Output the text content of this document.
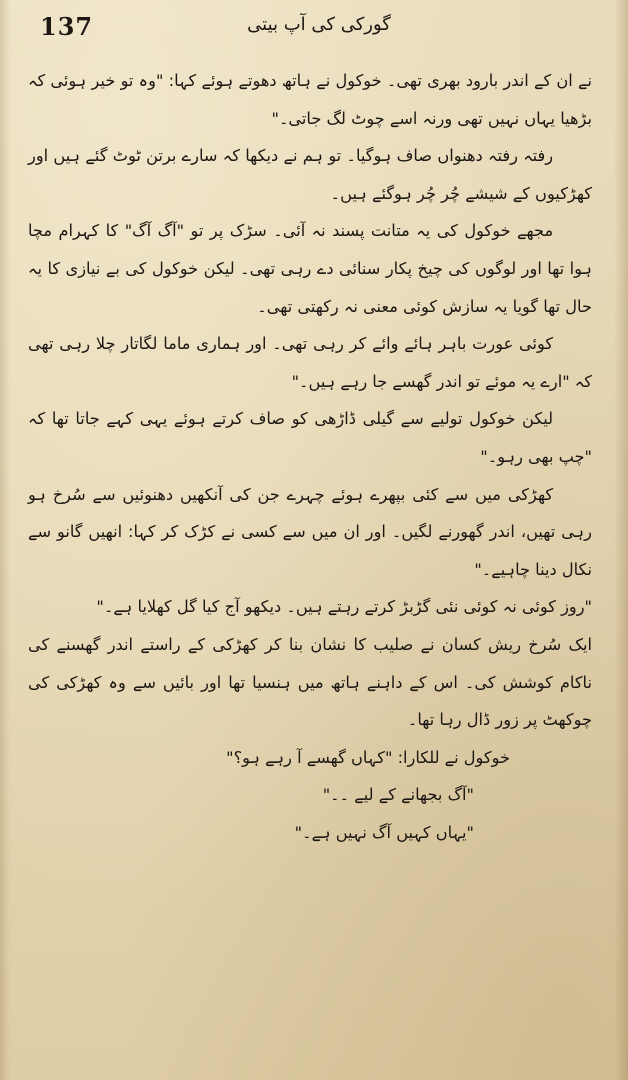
137	گورکی کی آپ بیتی

نے ان کے اندر بارود بھری تھی۔ خوکول نے ہاتھ دھوتے ہوئے کہا: "وہ تو خیر ہوئی کہ بڑھیا یہاں نہیں تھی ورنہ اسے چوٹ لگ جاتی۔"

رفتہ رفتہ دھنواں صاف ہوگیا۔ تو ہم نے دیکھا کہ سارے برتن ٹوٹ گئے ہیں اور کھڑکیوں کے شیشے چُر چُر ہوگئے ہیں۔

مجھے خوکول کی یہ متانت پسند نہ آئی۔ سڑک پر تو "آگ آگ" کا کہرام مچا ہوا تھا اور لوگوں کی چیخ پکار سنائی دے رہی تھی۔ لیکن خوکول کی بے نیازی کا یہ حال تھا گویا یہ سازش کوئی معنی نہ رکھتی تھی۔

کوئی عورت باہر ہائے وائے کر رہی تھی۔ اور ہماری ماما لگاتار چلا رہی تھی کہ "ارے یہ موئے تو اندر گھسے جا رہے ہیں۔"

لیکن خوکول تولیے سے گیلی ڈاڑھی کو صاف کرتے ہوئے یہی کہے جاتا تھا کہ "چپ بھی رہو۔"

کھڑکی میں سے کئی بپھرے ہوئے چہرے جن کی آنکھیں دھنوئیں سے سُرخ ہو رہی تھیں، اندر گھورنے لگیں۔ اور ان میں سے کسی نے کڑک کر کہا: انھیں گانو سے نکال دینا چاہیے۔"

"روز کوئی نہ کوئی نئی گڑبڑ کرتے رہتے ہیں۔ دیکھو آج کیا گل کھلایا ہے۔"

ایک سُرخ ریش کسان نے صلیب کا نشان بنا کر کھڑکی کے راستے اندر گھسنے کی ناکام کوشش کی۔ اس کے داہنے ہاتھ میں ہنسیا تھا اور بائیں سے وہ کھڑکی کی چوکھٹ پر زور ڈال رہا تھا۔

خوکول نے للکارا: "کہاں گھسے آ رہے ہو؟"

"آگ بجھانے کے لیے ۔۔"

"یہاں کہیں آگ نہیں ہے۔"
